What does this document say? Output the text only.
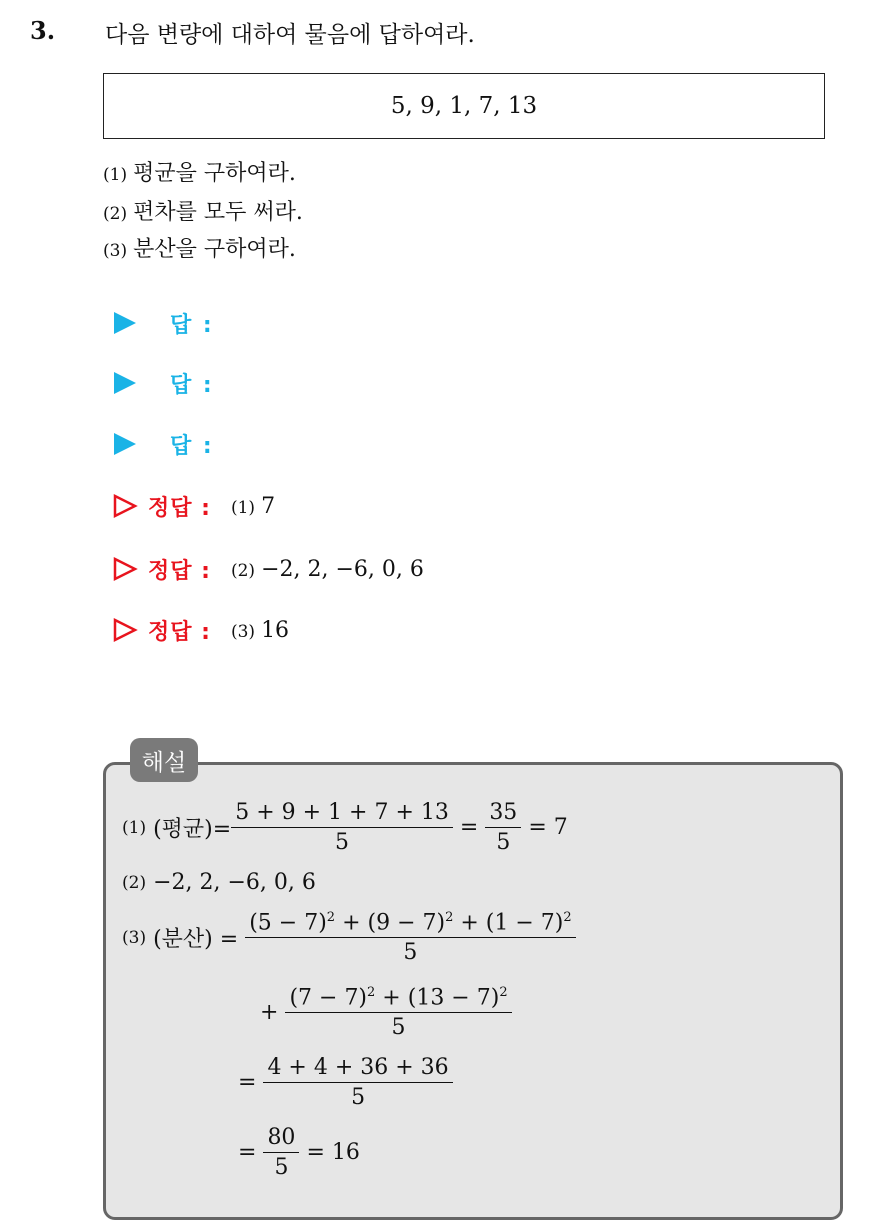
3. 다음 변량에 대하여 물음에 답하여라.
5, 9, 1, 7, 13
(1) 평균을 구하여라.
(2) 편차를 모두 써라.
(3) 분산을 구하여라.
답 :
답 :
답 :
정답 : (1) 7
정답 : (2) −2, 2, −6, 0, 6
정답 : (3) 16
해설
(1)
(평균)= $\frac{5 + 9 + 1 + 7 + 13}{5}$
=
$\frac{35}{5}$
= 7
(2)
−2, 2, −6, 0, 6
(3)
(분산) =
$\frac{(5 - 7)^2 + (9 - 7)^2 + (1 - 7)^2}{5}$
+
$\frac{(7 - 7)^2 + (13 - 7)^2}{5}$
=
$\frac{4 + 4 + 36 + 36}{5}$
=
$\frac{80}{5}$
= 16
